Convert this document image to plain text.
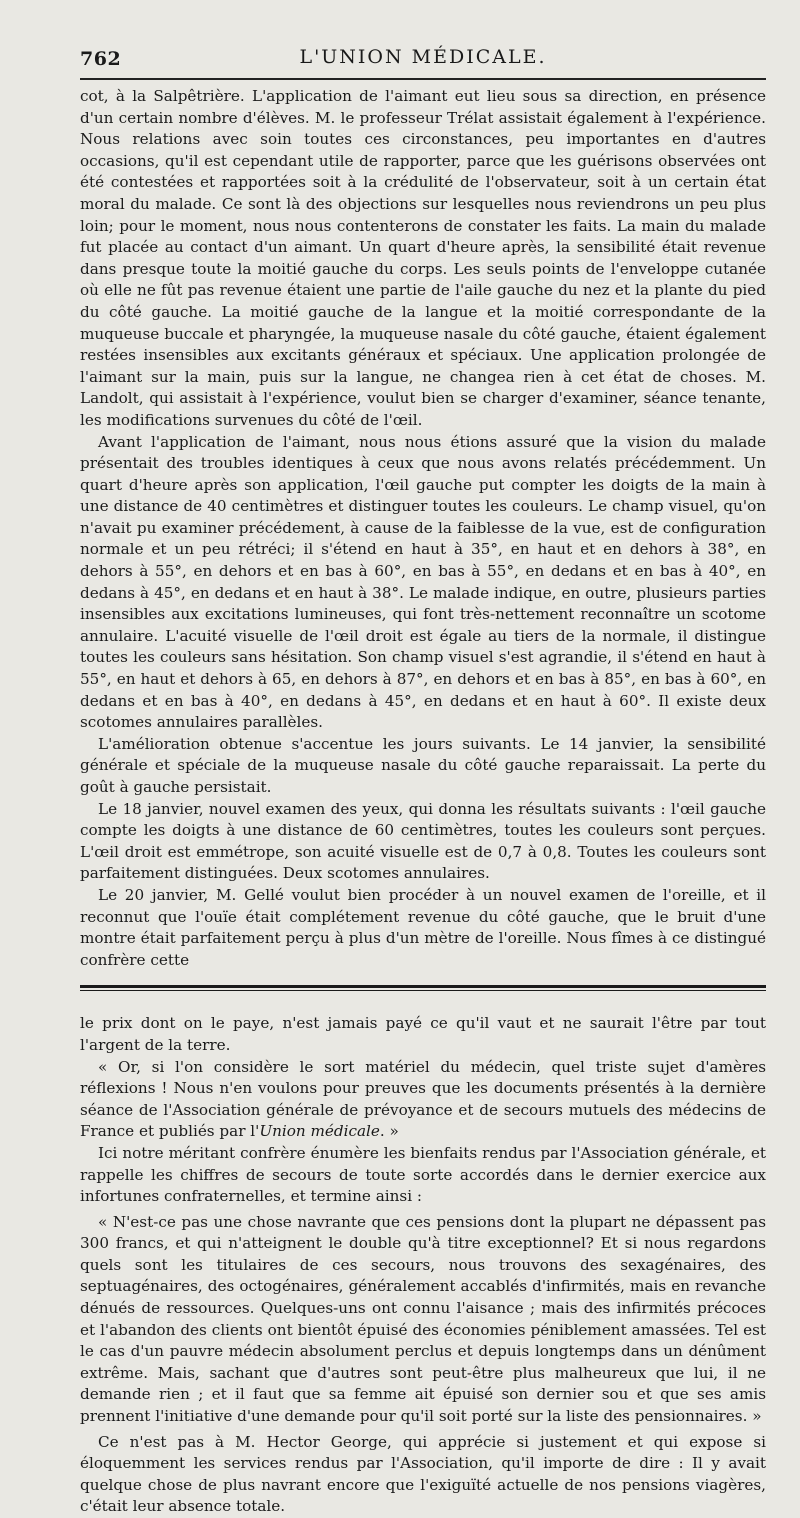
762	L'UNION MÉDICALE.

cot, à la Salpêtrière. L'application de l'aimant eut lieu sous sa direction, en présence d'un certain nombre d'élèves. M. le professeur Trélat assistait également à l'expérience. Nous relations avec soin toutes ces circonstances, peu importantes en d'autres occasions, qu'il est cependant utile de rapporter, parce que les guérisons observées ont été contestées et rapportées soit à la crédulité de l'observateur, soit à un certain état moral du malade. Ce sont là des objections sur lesquelles nous reviendrons un peu plus loin; pour le moment, nous nous contenterons de constater les faits. La main du malade fut placée au contact d'un aimant. Un quart d'heure après, la sensibilité était revenue dans presque toute la moitié gauche du corps. Les seuls points de l'enveloppe cutanée où elle ne fût pas revenue étaient une partie de l'aile gauche du nez et la plante du pied du côté gauche. La moitié gauche de la langue et la moitié correspondante de la muqueuse buccale et pharyngée, la muqueuse nasale du côté gauche, étaient également restées insensibles aux excitants généraux et spéciaux. Une application prolongée de l'aimant sur la main, puis sur la langue, ne changea rien à cet état de choses. M. Landolt, qui assistait à l'expérience, voulut bien se charger d'examiner, séance tenante, les modifications survenues du côté de l'œil.

Avant l'application de l'aimant, nous nous étions assuré que la vision du malade présentait des troubles identiques à ceux que nous avons relatés précédemment. Un quart d'heure après son application, l'œil gauche put compter les doigts de la main à une distance de 40 centimètres et distinguer toutes les couleurs. Le champ visuel, qu'on n'avait pu examiner précédement, à cause de la faiblesse de la vue, est de configuration normale et un peu rétréci; il s'étend en haut à 35°, en haut et en dehors à 38°, en dehors à 55°, en dehors et en bas à 60°, en bas à 55°, en dedans et en bas à 40°, en dedans à 45°, en dedans et en haut à 38°. Le malade indique, en outre, plusieurs parties insensibles aux excitations lumineuses, qui font très-nettement reconnaître un scotome annulaire. L'acuité visuelle de l'œil droit est égale au tiers de la normale, il distingue toutes les couleurs sans hésitation. Son champ visuel s'est agrandie, il s'étend en haut à 55°, en haut et dehors à 65, en dehors à 87°, en dehors et en bas à 85°, en bas à 60°, en dedans et en bas à 40°, en dedans à 45°, en dedans et en haut à 60°. Il existe deux scotomes annulaires parallèles.

L'amélioration obtenue s'accentue les jours suivants. Le 14 janvier, la sensibilité générale et spéciale de la muqueuse nasale du côté gauche reparaissait. La perte du goût à gauche persistait.

Le 18 janvier, nouvel examen des yeux, qui donna les résultats suivants : l'œil gauche compte les doigts à une distance de 60 centimètres, toutes les couleurs sont perçues. L'œil droit est emmétrope, son acuité visuelle est de 0,7 à 0,8. Toutes les couleurs sont parfaitement distinguées. Deux scotomes annulaires.

Le 20 janvier, M. Gellé voulut bien procéder à un nouvel examen de l'oreille, et il reconnut que l'ouïe était complétement revenue du côté gauche, que le bruit d'une montre était parfaitement perçu à plus d'un mètre de l'oreille. Nous fîmes à ce distingué confrère cette

le prix dont on le paye, n'est jamais payé ce qu'il vaut et ne saurait l'être par tout l'argent de la terre.

« Or, si l'on considère le sort matériel du médecin, quel triste sujet d'amères réflexions ! Nous n'en voulons pour preuves que les documents présentés à la dernière séance de l'Association générale de prévoyance et de secours mutuels des médecins de France et publiés par l'Union médicale. »

Ici notre méritant confrère énumère les bienfaits rendus par l'Association générale, et rappelle les chiffres de secours de toute sorte accordés dans le dernier exercice aux infortunes confraternelles, et termine ainsi :

« N'est-ce pas une chose navrante que ces pensions dont la plupart ne dépassent pas 300 francs, et qui n'atteignent le double qu'à titre exceptionnel? Et si nous regardons quels sont les titulaires de ces secours, nous trouvons des sexagénaires, des septuagénaires, des octogénaires, généralement accablés d'infirmités, mais en revanche dénués de ressources. Quelques-uns ont connu l'aisance ; mais des infirmités précoces et l'abandon des clients ont bientôt épuisé des économies péniblement amassées. Tel est le cas d'un pauvre médecin absolument perclus et depuis longtemps dans un dénûment extrême. Mais, sachant que d'autres sont peut-être plus malheureux que lui, il ne demande rien ; et il faut que sa femme ait épuisé son dernier sou et que ses amis prennent l'initiative d'une demande pour qu'il soit porté sur la liste des pensionnaires. »

Ce n'est pas à M. Hector George, qui apprécie si justement et qui expose si éloquemment les services rendus par l'Association, qu'il importe de dire : Il y avait quelque chose de plus navrant encore que l'exiguïté actuelle de nos pensions viagères, c'était leur absence totale.
